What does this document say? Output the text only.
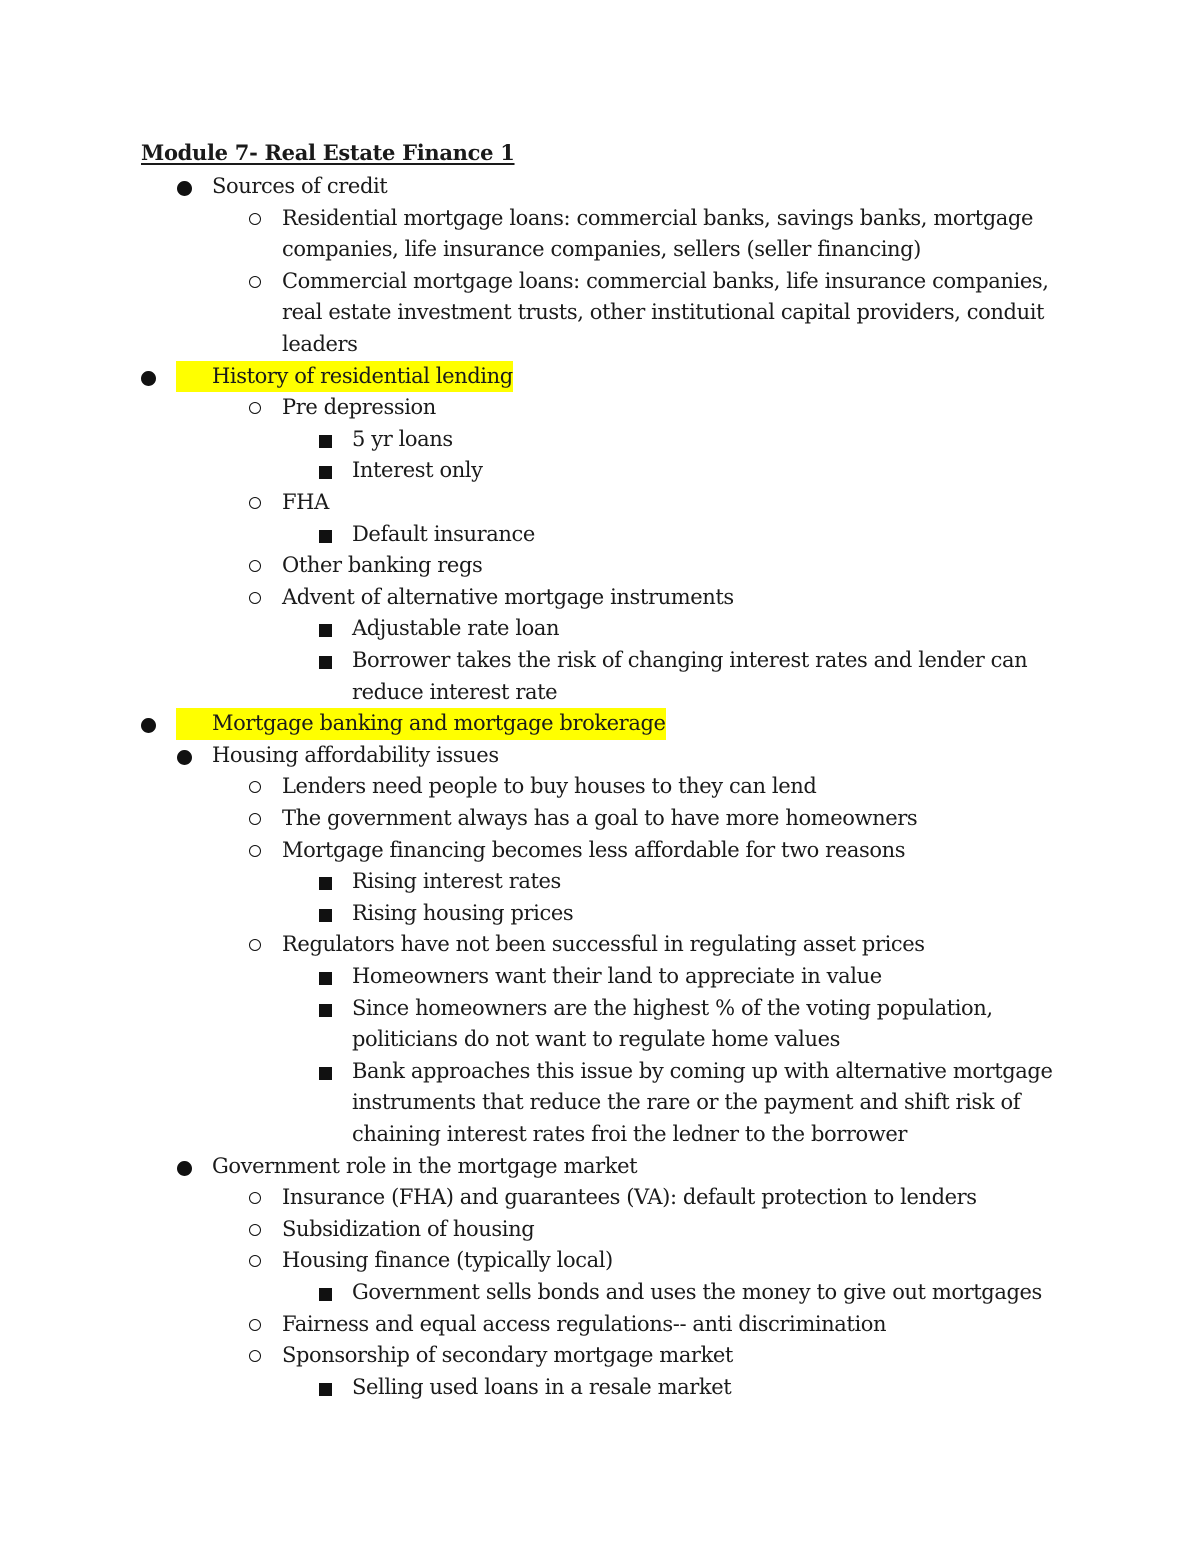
Module 7- Real Estate Finance 1
Sources of credit
Residential mortgage loans: commercial banks, savings banks, mortgage
companies, life insurance companies, sellers (seller financing)
Commercial mortgage loans: commercial banks, life insurance companies,
real estate investment trusts, other institutional capital providers, conduit
leaders
History of residential lending
Pre depression
5 yr loans
Interest only
FHA
Default insurance
Other banking regs
Advent of alternative mortgage instruments
Adjustable rate loan
Borrower takes the risk of changing interest rates and lender can
reduce interest rate
Mortgage banking and mortgage brokerage
Housing affordability issues
Lenders need people to buy houses to they can lend
The government always has a goal to have more homeowners
Mortgage financing becomes less affordable for two reasons
Rising interest rates
Rising housing prices
Regulators have not been successful in regulating asset prices
Homeowners want their land to appreciate in value
Since homeowners are the highest % of the voting population,
politicians do not want to regulate home values
Bank approaches this issue by coming up with alternative mortgage
instruments that reduce the rare or the payment and shift risk of
chaining interest rates froi the ledner to the borrower
Government role in the mortgage market
Insurance (FHA) and guarantees (VA): default protection to lenders
Subsidization of housing
Housing finance (typically local)
Government sells bonds and uses the money to give out mortgages
Fairness and equal access regulations-- anti discrimination
Sponsorship of secondary mortgage market
Selling used loans in a resale market
